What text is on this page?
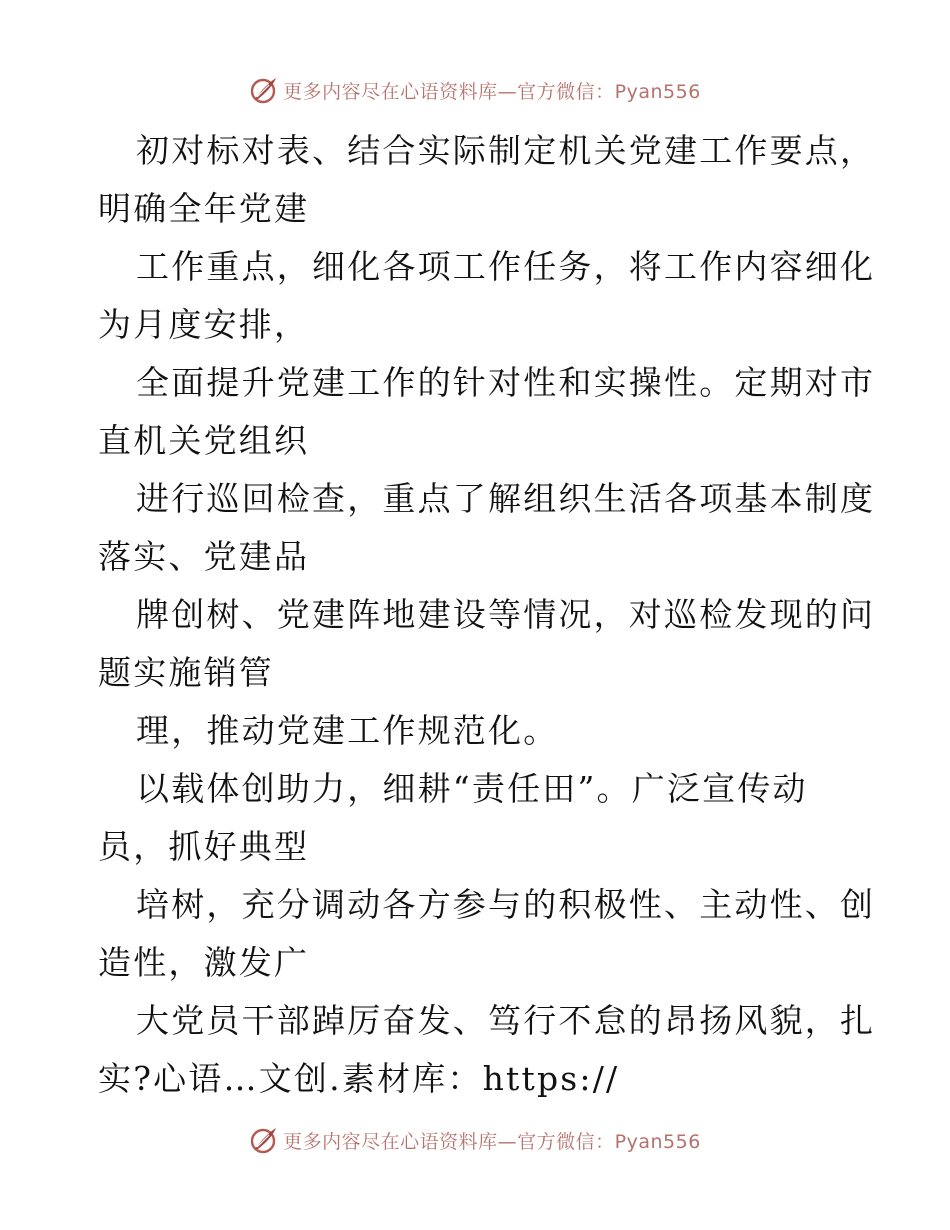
更多内容尽在心语资料库—官方微信：Pyan556
初对标对表、结合实际制定机关党建工作要点，
明确全年党建
工作重点，细化各项工作任务，将工作内容细化
为月度安排，
全面提升党建工作的针对性和实操性。定期对市
直机关党组织
进行巡回检查，重点了解组织生活各项基本制度
落实、党建品
牌创树、党建阵地建设等情况，对巡检发现的问
题实施销管
理，推动党建工作规范化。
以载体创助力，细耕“责任田”。广泛宣传动
员，抓好典型
培树，充分调动各方参与的积极性、主动性、创
造性，激发广
大党员干部踔厉奋发、笃行不怠的昂扬风貌，扎
实?心语…文创.素材库：https://
更多内容尽在心语资料库—官方微信：Pyan556
